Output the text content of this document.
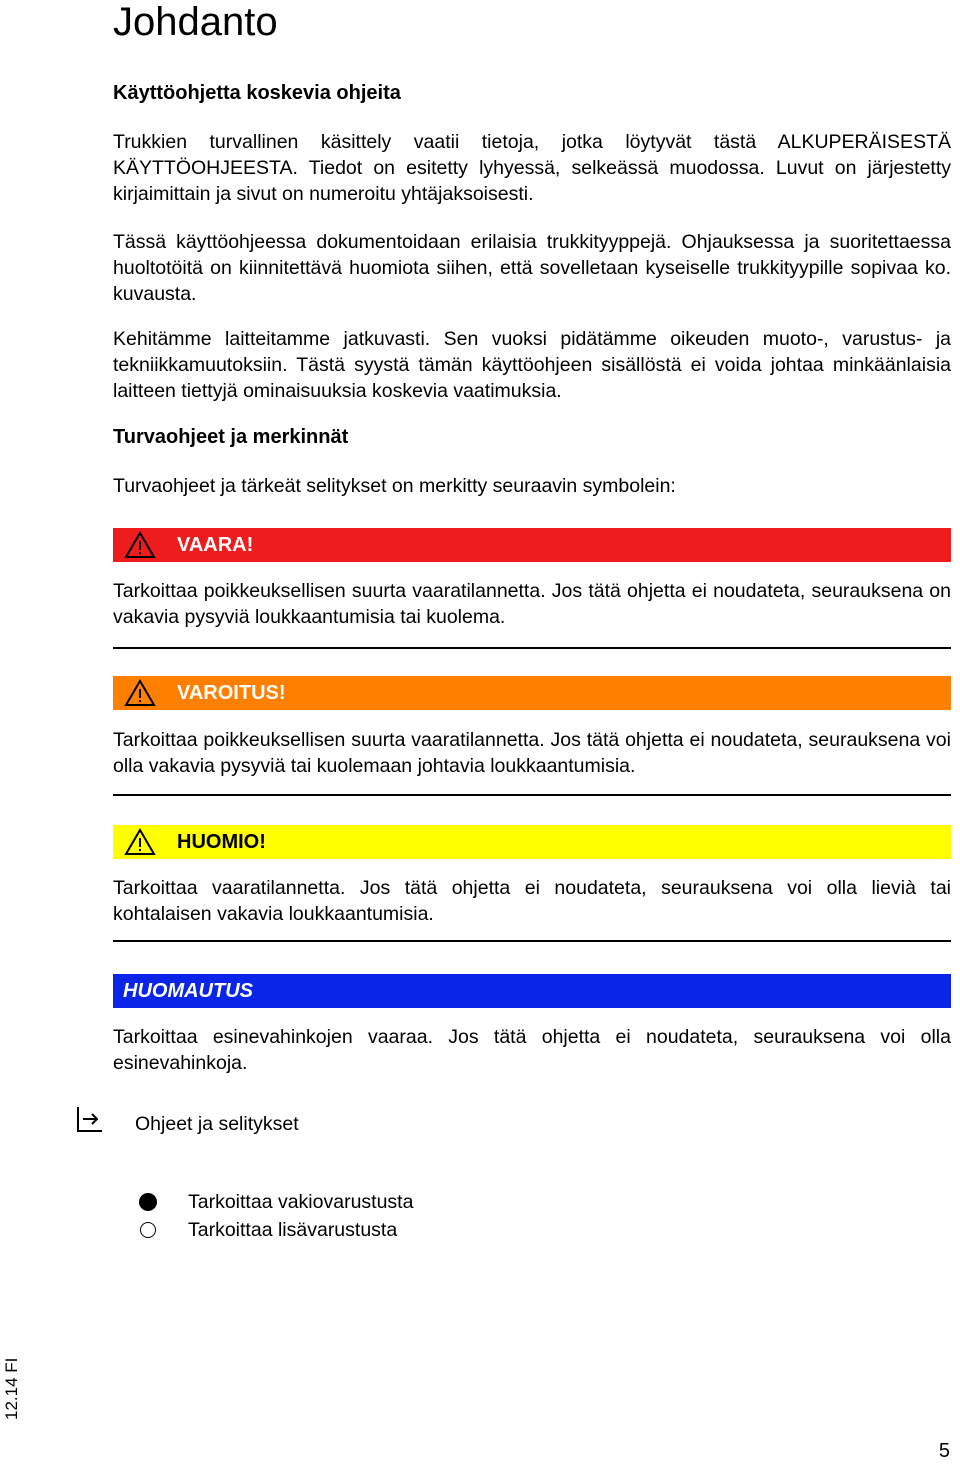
Johdanto
Käyttöohjetta koskevia ohjeita
Trukkien turvallinen käsittely vaatii tietoja, jotka löytyvät tästä ALKUPERÄISESTÄ KÄYTTÖOHJEESTA. Tiedot on esitetty lyhyessä, selkeässä muodossa. Luvut on järjestetty kirjaimittain ja sivut on numeroitu yhtäjaksoisesti.
Tässä käyttöohjeessa dokumentoidaan erilaisia trukkityyppejä. Ohjauksessa ja suoritettaessa huoltotöitä on kiinnitettävä huomiota siihen, että sovelletaan kyseiselle trukkityypille sopivaa ko. kuvausta.
Kehitämme laitteitamme jatkuvasti. Sen vuoksi pidätämme oikeuden muoto-, varustus- ja tekniikkamuutoksiin. Tästä syystä tämän käyttöohjeen sisällöstä ei voida johtaa minkäänlaisia laitteen tiettyjä ominaisuuksia koskevia vaatimuksia.
Turvaohjeet ja merkinnät
Turvaohjeet ja tärkeät selitykset on merkitty seuraavin symbolein:
VAARA!
Tarkoittaa poikkeuksellisen suurta vaaratilannetta. Jos tätä ohjetta ei noudateta, seurauksena on vakavia pysyviä loukkaantumisia tai kuolema.
VAROITUS!
Tarkoittaa poikkeuksellisen suurta vaaratilannetta. Jos tätä ohjetta ei noudateta, seurauksena voi olla vakavia pysyviä tai kuolemaan johtavia loukkaantumisia.
HUOMIO!
Tarkoittaa vaaratilannetta. Jos tätä ohjetta ei noudateta, seurauksena voi olla lievià tai kohtalaisen vakavia loukkaantumisia.
HUOMAUTUS
Tarkoittaa esinevahinkojen vaaraa. Jos tätä ohjetta ei noudateta, seurauksena voi olla esinevahinkoja.
Ohjeet ja selitykset
Tarkoittaa vakiovarustusta
Tarkoittaa lisävarustusta
12.14 FI
5
